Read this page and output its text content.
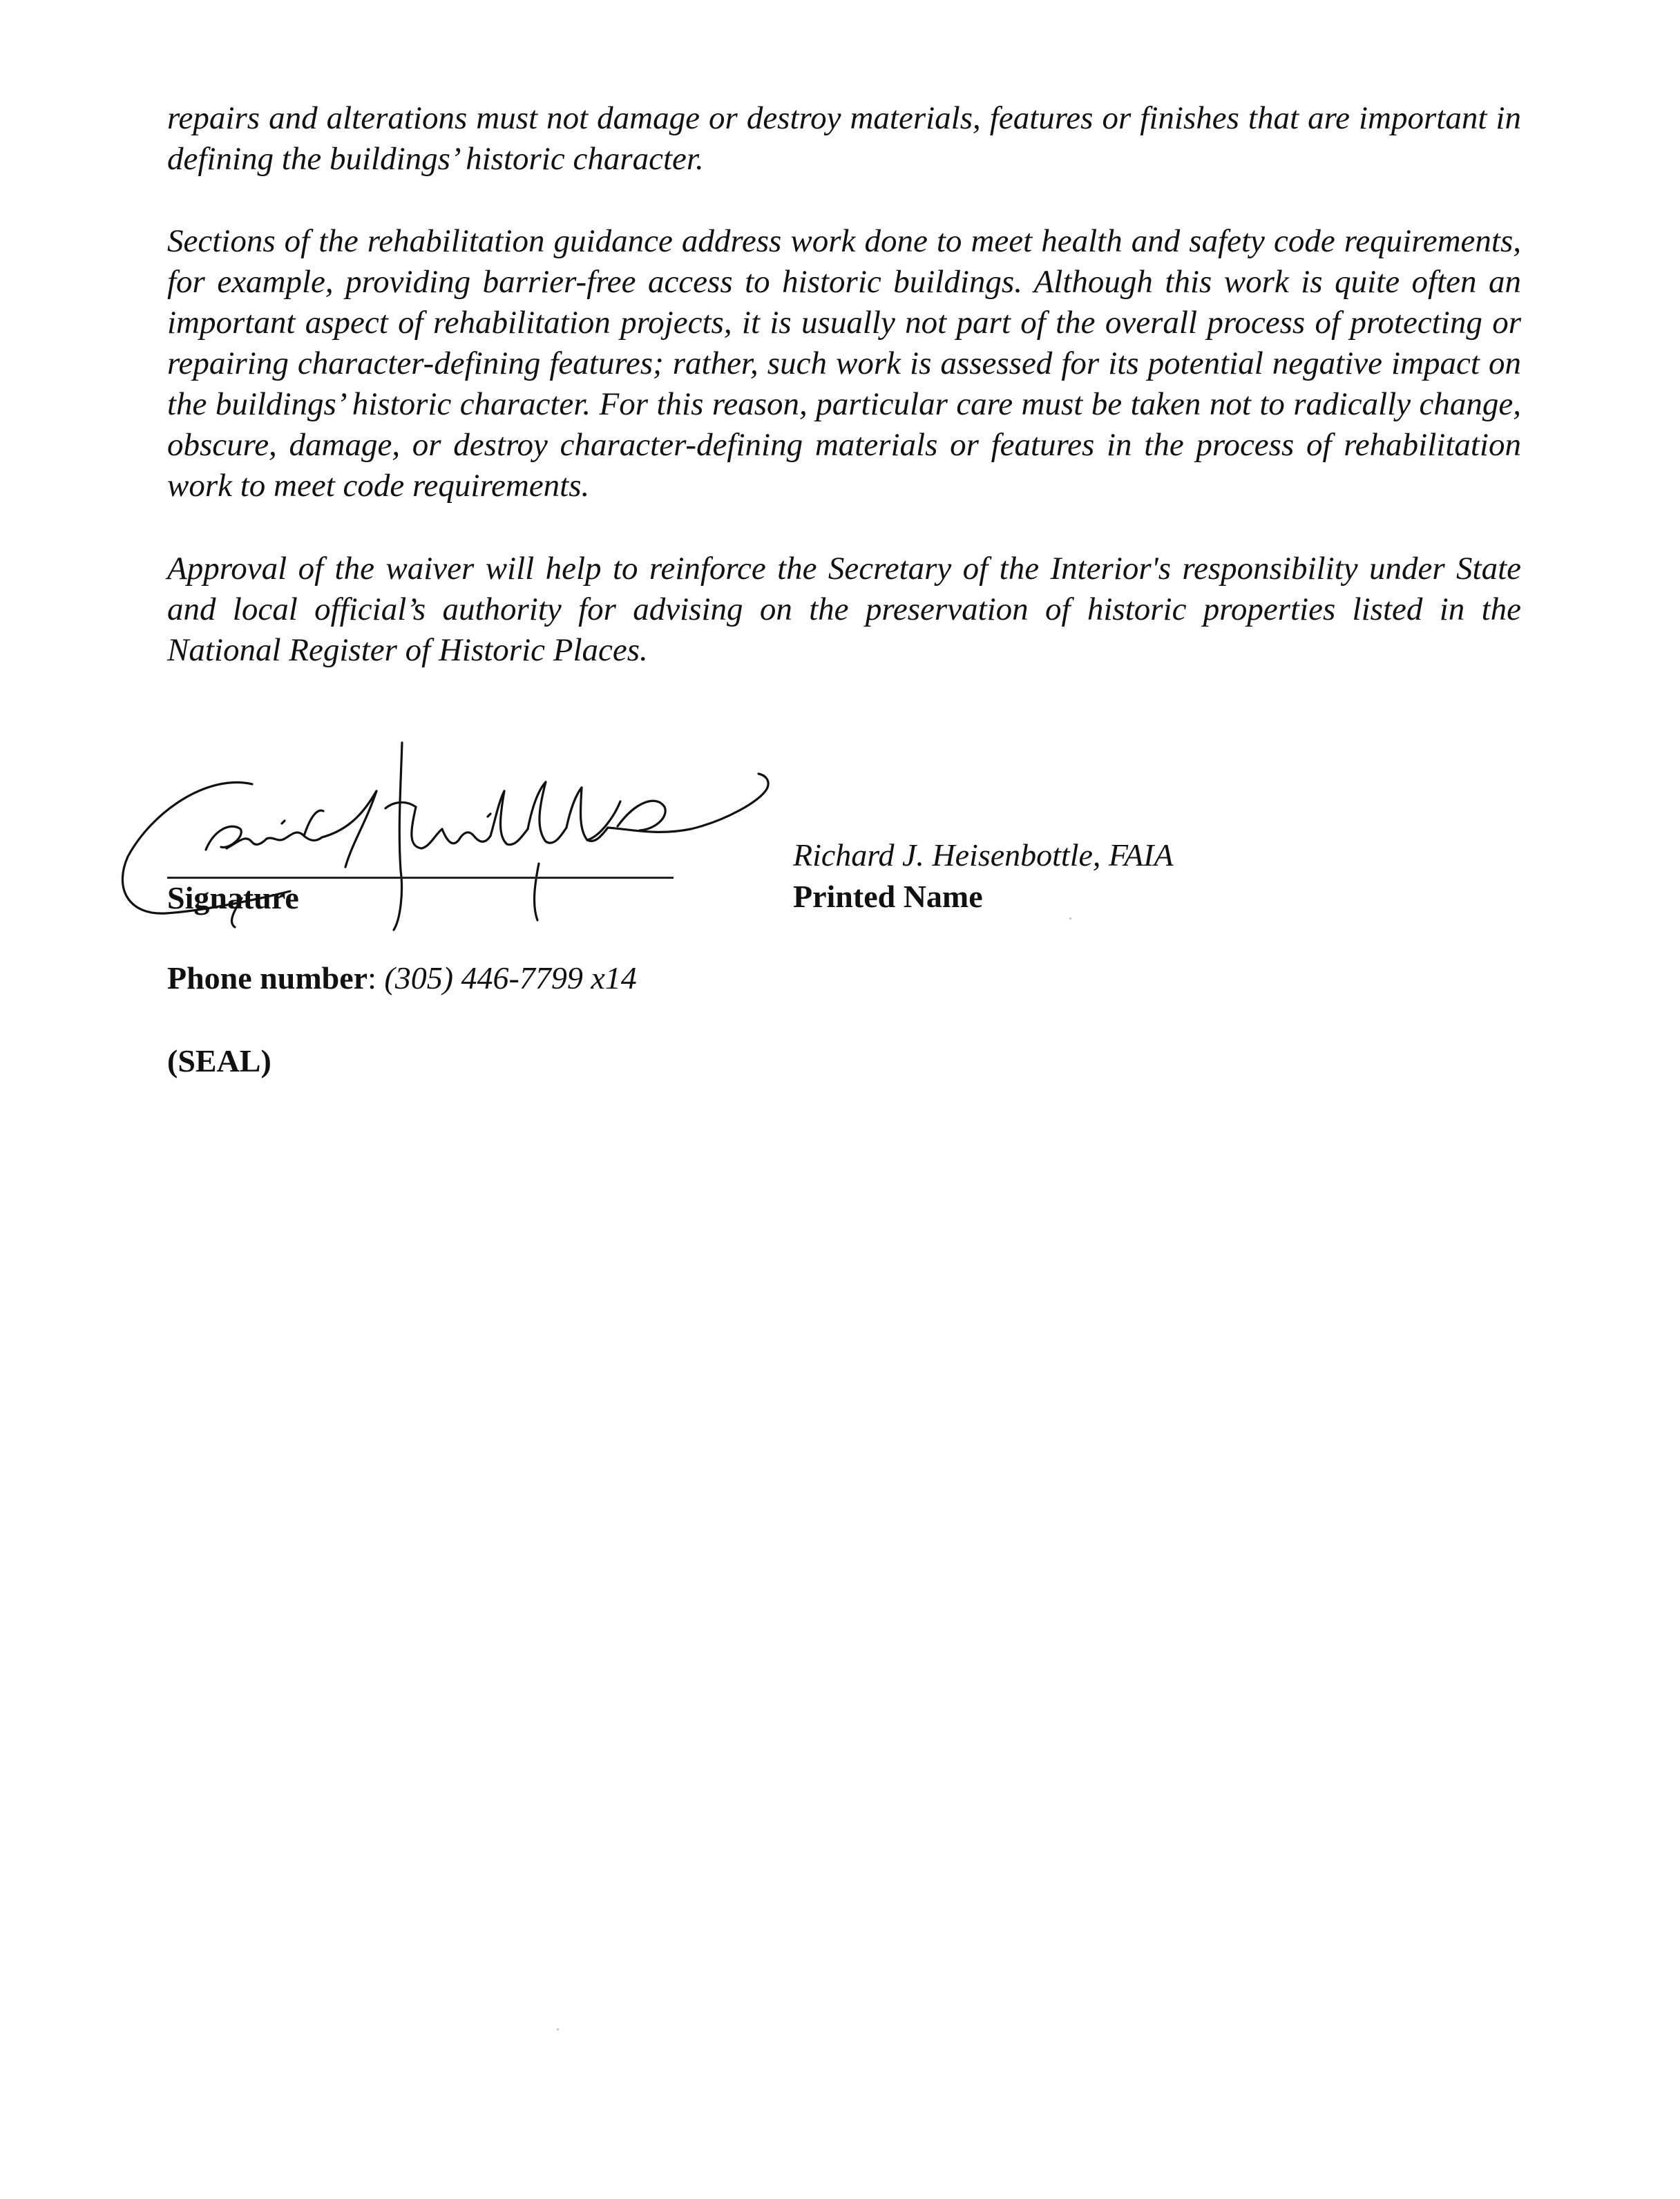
repairs and alterations must not damage or destroy materials, features or finishes that are important in defining the buildings’ historic character.

Sections of the rehabilitation guidance address work done to meet health and safety code requirements, for example, providing barrier-free access to historic buildings. Although this work is quite often an important aspect of rehabilitation projects, it is usually not part of the overall process of protecting or repairing character-defining features; rather, such work is assessed for its potential negative impact on the buildings’ historic character. For this reason, particular care must be taken not to radically change, obscure, damage, or destroy character-defining materials or features in the process of rehabilitation work to meet code requirements.

Approval of the waiver will help to reinforce the Secretary of the Interior's responsibility under State and local official’s authority for advising on the preservation of historic properties listed in the National Register of Historic Places.

Signature
Richard J. Heisenbottle, FAIA
Printed Name
Phone number: (305) 446-7799 x14
(SEAL)
